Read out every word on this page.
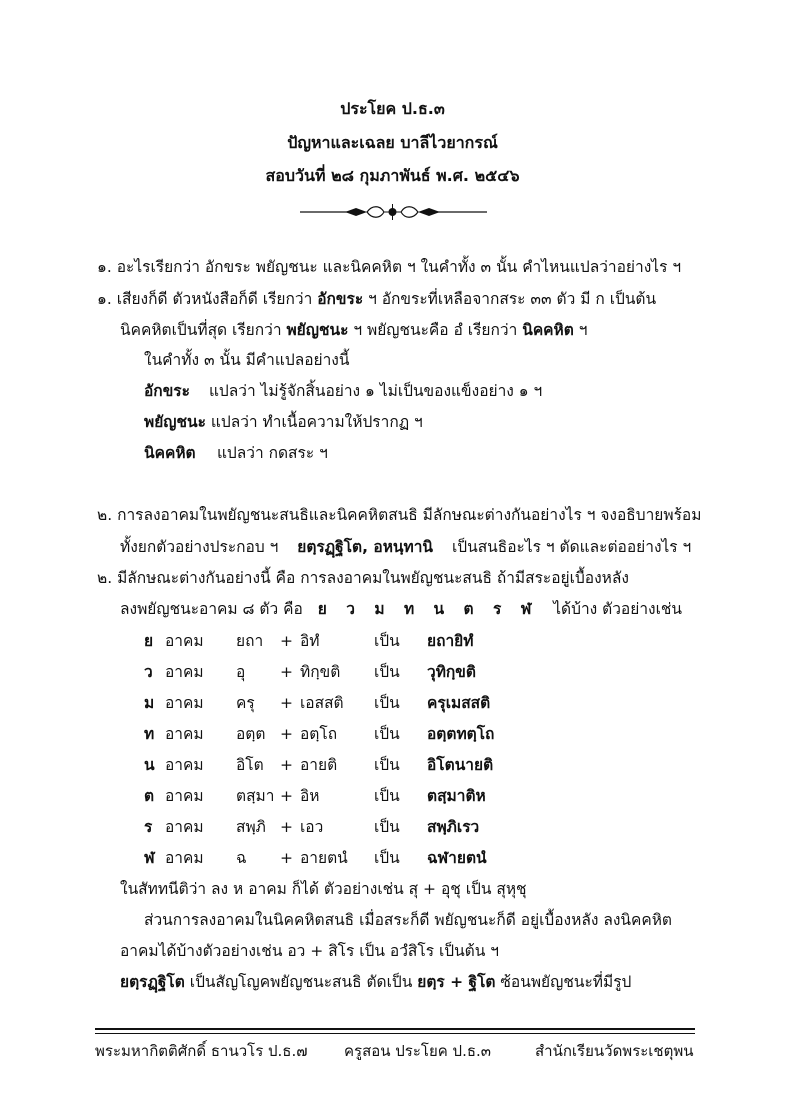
ประโยค ป.ธ.๓
ปัญหาและเฉลย บาลีไวยากรณ์
สอบวันที่ ๒๘ กุมภาพันธ์ พ.ศ. ๒๕๔๖
๑. อะไรเรียกว่า อักขระ พยัญชนะ และนิคคหิต ฯ ในคำทั้ง ๓ นั้น คำไหนแปลว่าอย่างไร ฯ
๑. เสียงก็ดี ตัวหนังสือก็ดี เรียกว่า อักขระ ฯ อักขระที่เหลือจากสระ ๓๓ ตัว มี ก เป็นต้น
นิคคหิตเป็นที่สุด เรียกว่า พยัญชนะ ฯ พยัญชนะคือ อํ เรียกว่า นิคคหิต ฯ
ในคำทั้ง ๓ นั้น มีคำแปลอย่างนี้
อักขระ แปลว่า ไม่รู้จักสิ้นอย่าง ๑ ไม่เป็นของแข็งอย่าง ๑ ฯ
พยัญชนะ แปลว่า ทำเนื้อความให้ปรากฏ ฯ
นิคคหิต แปลว่า กดสระ ฯ
๒. การลงอาคมในพยัญชนะสนธิและนิคคหิตสนธิ มีลักษณะต่างกันอย่างไร ฯ จงอธิบายพร้อม
ทั้งยกตัวอย่างประกอบ ฯ ยตฺรฏฺฐิโต, อหนฺทานิ เป็นสนธิอะไร ฯ ตัดและต่ออย่างไร ฯ
๒. มีลักษณะต่างกันอย่างนี้ คือ การลงอาคมในพยัญชนะสนธิ ถ้ามีสระอยู่เบื้องหลัง
ลงพยัญชนะอาคม ๘ ตัว คือ ย ว ม ท น ต ร ฬ ได้บ้าง ตัวอย่างเช่น
ย อาคม ยถา + อิทํ	เป็น ยถายิทํ
ว อาคม อุ + ทิกฺขติ เป็น วุทิกฺขติ
ม อาคม ครุ + เอสสติ เป็น ครุเมสสติ
ท อาคม อตฺต + อตฺโถ เป็น อตฺตทตฺโถ
น อาคม อิโต + อายติ เป็น อิโตนายติ
ต อาคม ตสฺมา + อิห	เป็น ตสฺมาติห
ร อาคม สพฺภิ + เอว	เป็น สพฺภิเรว
ฬ อาคม ฉ + อายตนํ เป็น ฉฬายตนํ
ในสัททนีติว่า ลง ห อาคม ก็ได้ ตัวอย่างเช่น สุ + อุชุ เป็น สุหุชุ
ส่วนการลงอาคมในนิคคหิตสนธิ เมื่อสระก็ดี พยัญชนะก็ดี อยู่เบื้องหลัง ลงนิคคหิต
อาคมได้บ้างตัวอย่างเช่น อว + สิโร เป็น อวํสิโร เป็นต้น ฯ
ยตฺรฏฺฐิโต เป็นสัญโญคพยัญชนะสนธิ ตัดเป็น ยตฺร + ฐิโต ซ้อนพยัญชนะที่มีรูป
พระมหากิตติศักดิ์ ธานวโร ป.ธ.๗ ครูสอน ประโยค ป.ธ.๓	สำนักเรียนวัดพระเชตุพน
